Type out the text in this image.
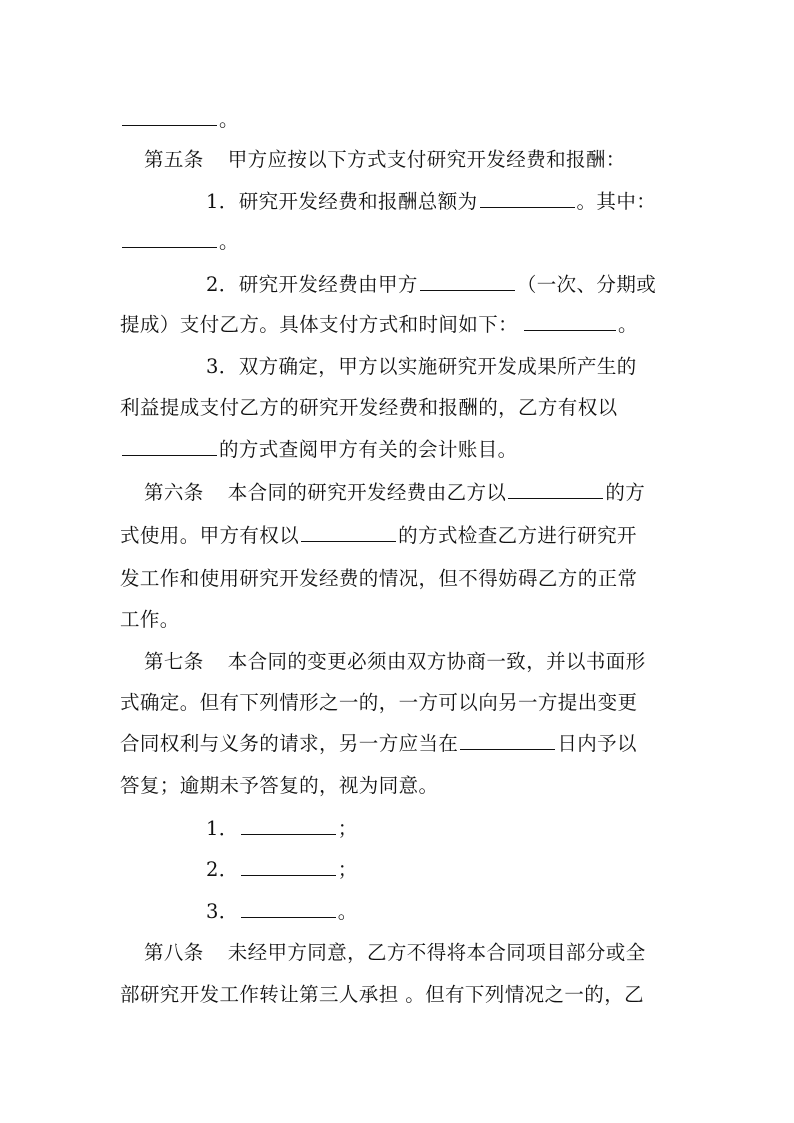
。
第五条 甲方应按以下方式支付研究开发经费和报酬：
1．研究开发经费和报酬总额为	。其中：
。
2．研究开发经费由甲方	（一次、分期或
提成）支付乙方。具体支付方式和时间如下：	。
3．双方确定，甲方以实施研究开发成果所产生的
利益提成支付乙方的研究开发经费和报酬的，乙方有权以
的方式查阅甲方有关的会计账目。
第六条 本合同的研究开发经费由乙方以	的方
式使用。甲方有权以	的方式检查乙方进行研究开
发工作和使用研究开发经费的情况，但不得妨碍乙方的正常
工作。
第七条 本合同的变更必须由双方协商一致，并以书面形
式确定。但有下列情形之一的，一方可以向另一方提出变更
合同权利与义务的请求，另一方应当在	日内予以
答复；逾期未予答复的，视为同意。
1．	；
2．	；
3．	。
第八条 未经甲方同意，乙方不得将本合同项目部分或全
部研究开发工作转让第三人承担 。但有下列情况之一的，乙
